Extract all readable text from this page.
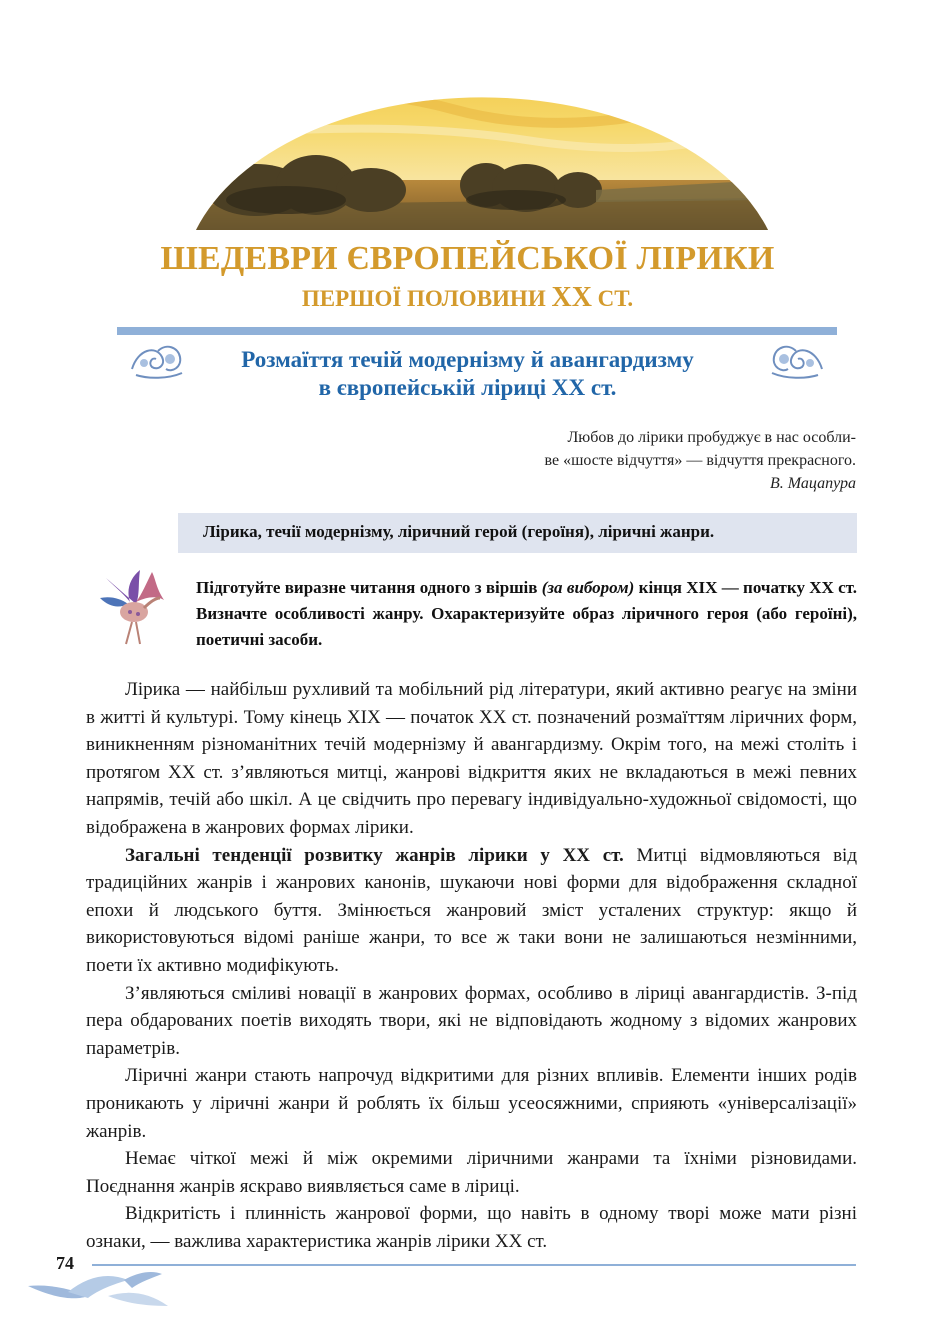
ШЕДЕВРИ ЄВРОПЕЙСЬКОЇ ЛІРИКИ
ПЕРШОЇ ПОЛОВИНИ XX СТ.
Розмаїття течій модернізму й авангардизму
в європейській ліриці XX ст.
Любов до лірики пробуджує в нас особли-
ве «шосте відчуття» — відчуття прекрасного.
В. Мацапура
Лірика, течії модернізму, ліричний герой (героїня), ліричні жанри.
Підготуйте виразне читання одного з віршів (за вибором) кінця XIX — початку XX ст. Визначте особливості жанру. Охарактеризуйте образ ліричного героя (або героїні), поетичні засоби.

Лірика — найбільш рухливий та мобільний рід літератури, який активно реагує на зміни в житті й культурі. Тому кінець XIX — початок XX ст. позначений розмаїттям ліричних форм, виникненням різноманітних течій модернізму й авангардизму. Окрім того, на межі століть і протягом XX ст. з’являються митці, жанрові відкриття яких не вкладаються в межі певних напрямів, течій або шкіл. А це свідчить про перевагу індивідуально-художньої свідомості, що відображена в жанрових формах лірики.

Загальні тенденції розвитку жанрів лірики у XX ст. Митці відмовляються від традиційних жанрів і жанрових канонів, шукаючи нові форми для відображення складної епохи й людського буття. Змінюється жанровий зміст усталених структур: якщо й використовуються відомі раніше жанри, то все ж таки вони не залишаються незмінними, поети їх активно модифікують.

З’являються сміливі новації в жанрових формах, особливо в ліриці авангардистів. З-під пера обдарованих поетів виходять твори, які не відповідають жодному з відомих жанрових параметрів.

Ліричні жанри стають напрочуд відкритими для різних впливів. Елементи інших родів проникають у ліричні жанри й роблять їх більш усеосяжними, сприяють «універсалізації» жанрів.

Немає чіткої межі й між окремими ліричними жанрами та їхніми різновидами. Поєднання жанрів яскраво виявляється саме в ліриці.

Відкритість і плинність жанрової форми, що навіть в одному творі може мати різні ознаки, — важлива характеристика жанрів лірики XX ст.

74
